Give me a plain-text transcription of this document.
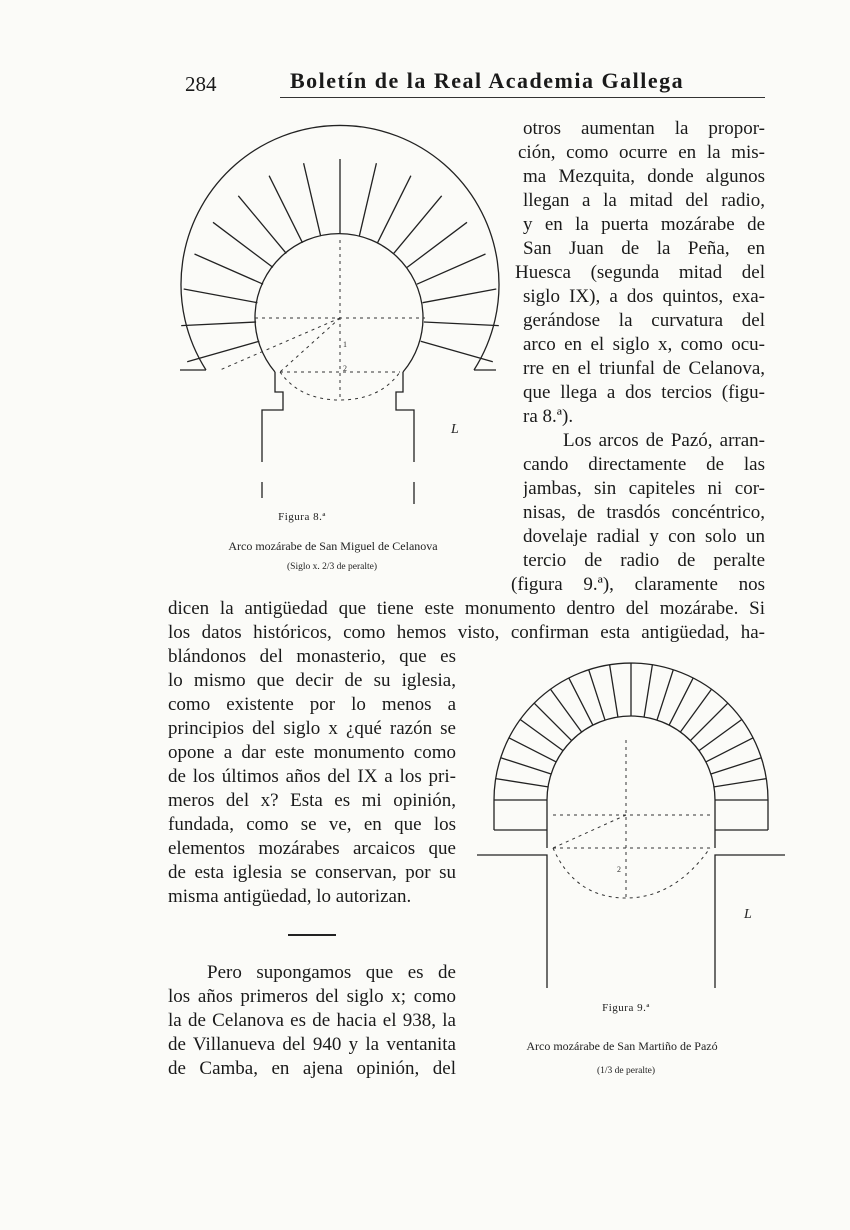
284	Boletín de la Real Academia Gallega
1
2
L
2
L
otros aumentan la propor-
ción, como ocurre en la mis-
ma Mezquita, donde algunos
llegan a la mitad del radio,
y en la puerta mozárabe de
San Juan de la Peña, en
Huesca (segunda mitad del
siglo IX), a dos quintos, exa-
gerándose la curvatura del
arco en el siglo x, como ocu-
rre en el triunfal de Celanova,
que llega a dos tercios (figu-
ra 8.ª).
Los arcos de Pazó, arran-
cando directamente de las
jambas, sin capiteles ni cor-
nisas, de trasdós concéntrico,
dovelaje radial y con solo un
tercio de radio de peralte
(figura 9.ª), claramente nos
dicen la antigüedad que tiene este monumento dentro del mozárabe. Si
los datos históricos, como hemos visto, confirman esta antigüedad, ha-
blándonos del monasterio, que es
lo mismo que decir de su iglesia,
como existente por lo menos a
principios del siglo x ¿qué razón se
opone a dar este monumento como
de los últimos años del IX a los pri-
meros del x? Esta es mi opinión,
fundada, como se ve, en que los
elementos mozárabes arcaicos que
de esta iglesia se conservan, por su
misma antigüedad, lo autorizan.
Pero supongamos que es de
los años primeros del siglo x; como
la de Celanova es de hacia el 938, la
de Villanueva del 940 y la ventanita
de Camba, en ajena opinión, del
Figura 8.ª
Arco mozárabe de San Miguel de Celanova
(Siglo x. 2/3 de peralte)
Figura 9.ª
Arco mozárabe de San Martiño de Pazó
(1/3 de peralte)
